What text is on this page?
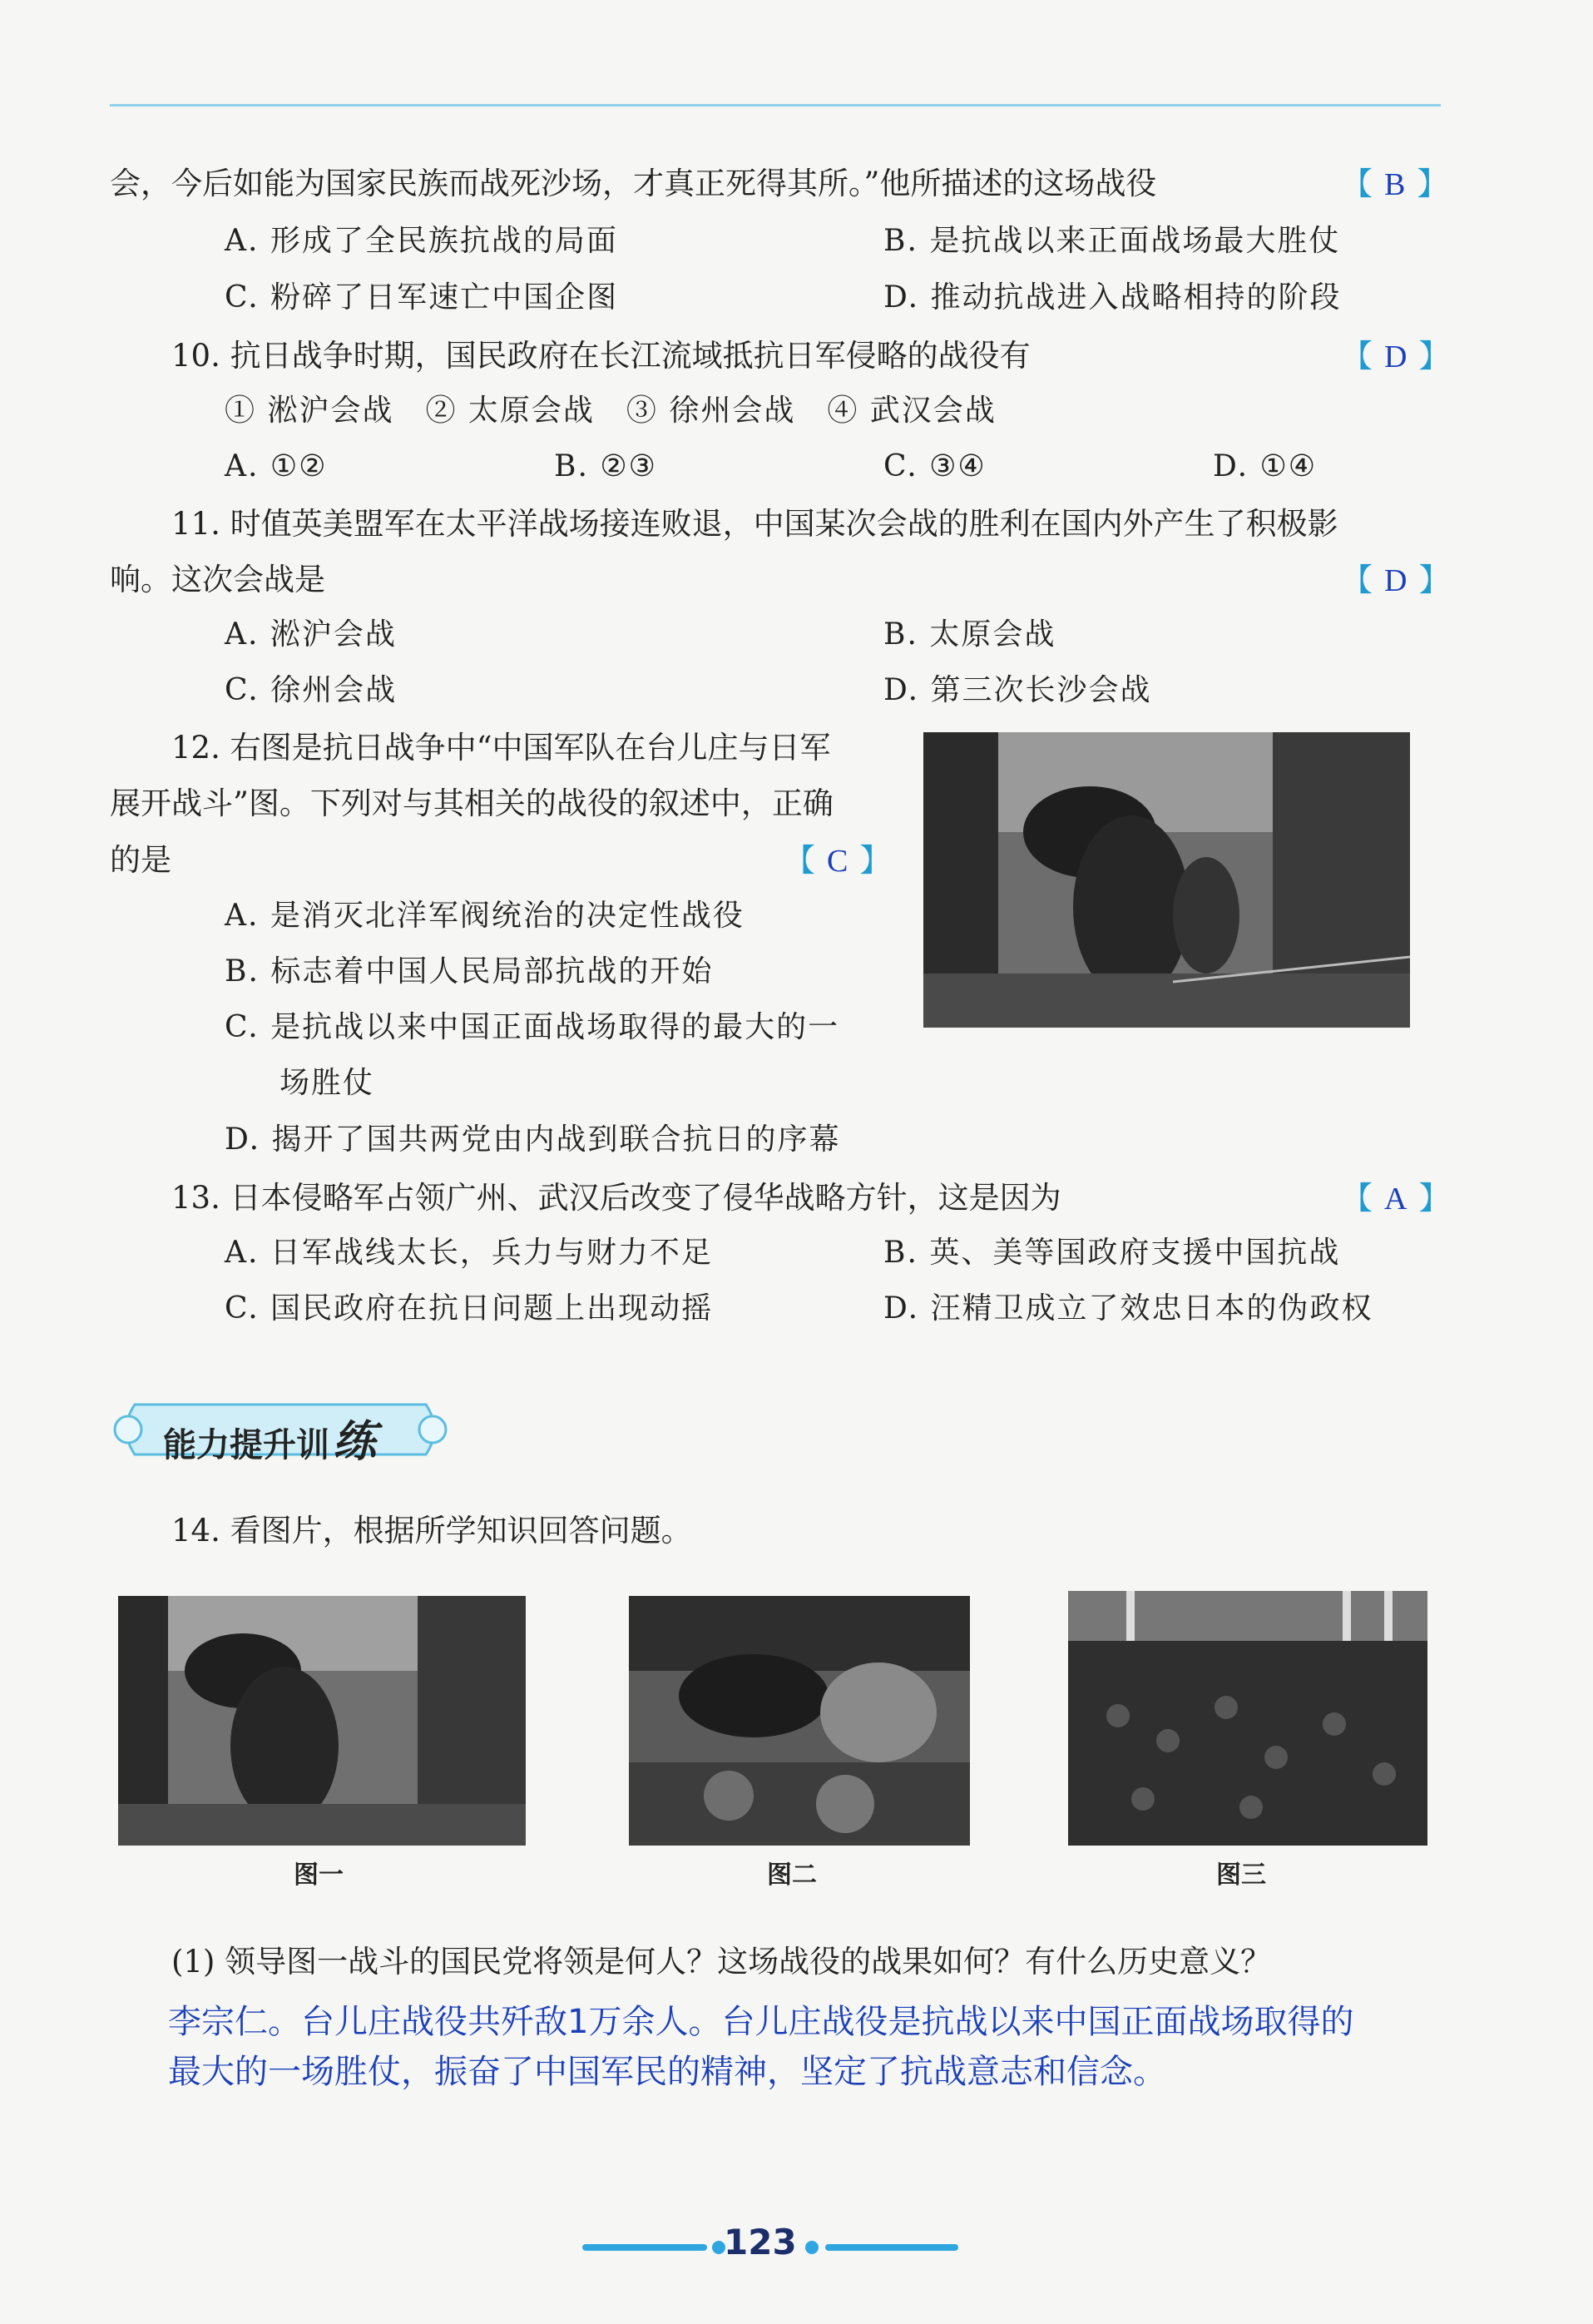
会，今后如能为国家民族而战死沙场，才真正死得其所。”他所描述的这场战役	【 B 】
A. 形成了全民族抗战的局面	B. 是抗战以来正面战场最大胜仗
C. 粉碎了日军速亡中国企图	D. 推动抗战进入战略相持的阶段
10. 抗日战争时期，国民政府在长江流域抵抗日军侵略的战役有	【 D 】
① 淞沪会战　② 太原会战　③ 徐州会战　④ 武汉会战
A. ①②	B. ②③	C. ③④	D. ①④
11. 时值英美盟军在太平洋战场接连败退，中国某次会战的胜利在国内外产生了积极影
响。这次会战是	【 D 】
A. 淞沪会战	B. 太原会战
C. 徐州会战	D. 第三次长沙会战
12. 右图是抗日战争中“中国军队在台儿庄与日军
展开战斗”图。下列对与其相关的战役的叙述中，正确
的是	【 C 】
A. 是消灭北洋军阀统治的决定性战役
B. 标志着中国人民局部抗战的开始
C. 是抗战以来中国正面战场取得的最大的一
场胜仗
D. 揭开了国共两党由内战到联合抗日的序幕
13. 日本侵略军占领广州、武汉后改变了侵华战略方针，这是因为	【 A 】
A. 日军战线太长，兵力与财力不足	B. 英、美等国政府支援中国抗战
C. 国民政府在抗日问题上出现动摇	D. 汪精卫成立了效忠日本的伪政权
能力提升训练
14. 看图片，根据所学知识回答问题。
图一	图二	图三
(1) 领导图一战斗的国民党将领是何人？这场战役的战果如何？有什么历史意义？
李宗仁。台儿庄战役共歼敌1万余人。台儿庄战役是抗战以来中国正面战场取得的
最大的一场胜仗，振奋了中国军民的精神，坚定了抗战意志和信念。
123
